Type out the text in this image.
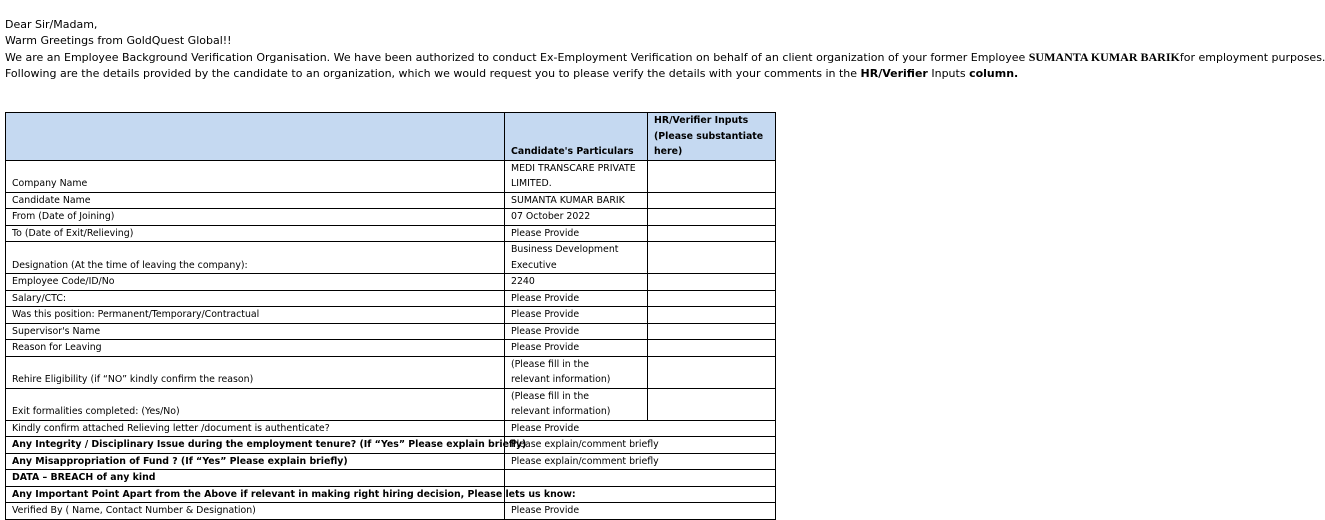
Dear Sir/Madam,

Warm Greetings from GoldQuest Global!!

We are an Employee Background Verification Organisation. We have been authorized to conduct Ex-Employment Verification on behalf of an client organization of your former Employee SUMANTA KUMAR BARIKfor employment purposes.

Following are the details provided by the candidate to an organization, which we would request you to please verify the details with your comments in the HR/Verifier Inputs column.

	Candidate's Particulars	HR/Verifier Inputs
(Please substantiate
here)

Company Name	MEDI TRANSCARE PRIVATE
LIMITED.	

Candidate Name	SUMANTA KUMAR BARIK	
From (Date of Joining)	07 October 2022	
To (Date of Exit/Relieving)	Please Provide	
Designation (At the time of leaving the company):	Business Development
Executive	

Employee Code/ID/No	2240	
Salary/CTC:	Please Provide	
Was this position: Permanent/Temporary/Contractual	Please Provide	
Supervisor's Name	Please Provide	
Reason for Leaving	Please Provide	
Rehire Eligibility (if “NO” kindly confirm the reason)	(Please fill in the
relevant information)	

Exit formalities completed: (Yes/No)	(Please fill in the
relevant information)	

Kindly confirm attached Relieving letter /document is authenticate?	Please Provide	
Any Integrity / Disciplinary Issue during the employment tenure? (If “Yes” Please explain briefly)	Please explain/comment briefly	
Any Misappropriation of Fund ? (If “Yes” Please explain briefly)	Please explain/comment briefly	
DATA – BREACH of any kind		
Any Important Point Apart from the Above if relevant in making right hiring decision, Please lets us know:		
Verified By ( Name, Contact Number & Designation)	Please Provide	
